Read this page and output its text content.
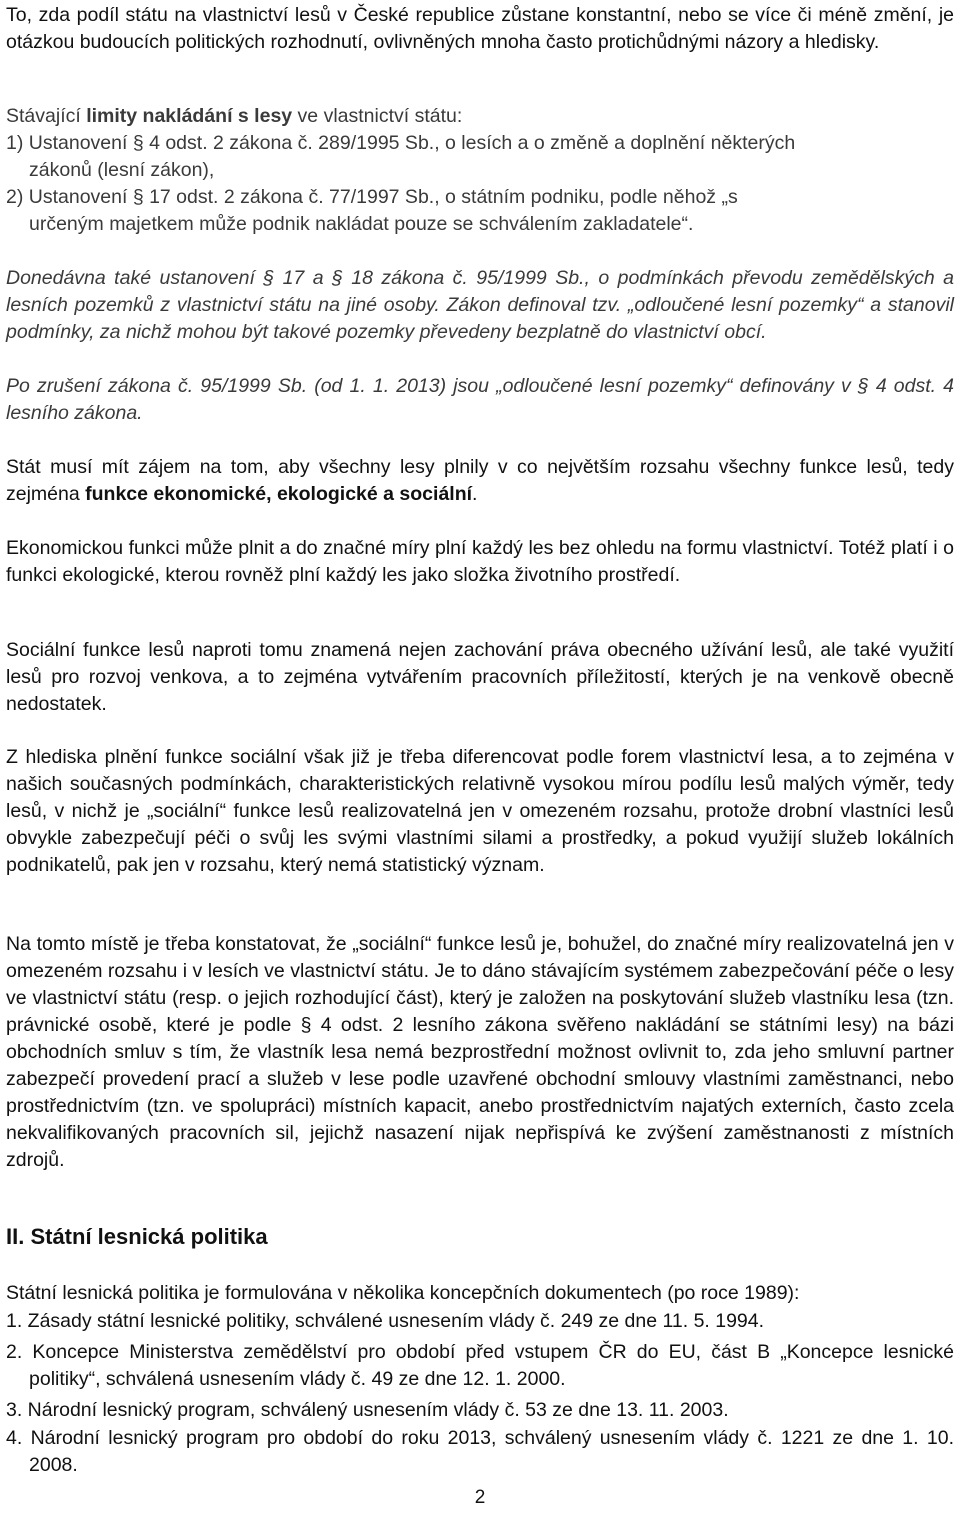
To, zda podíl státu na vlastnictví lesů v České republice zůstane konstantní, nebo se více či méně změní, je otázkou budoucích politických rozhodnutí, ovlivněných mnoha často protichůdnými názory a hledisky.

Stávající limity nakládání s lesy ve vlastnictví státu:

1) Ustanovení § 4 odst. 2 zákona č. 289/1995 Sb., o lesích a o změně a doplnění některých

zákonů (lesní zákon),

2) Ustanovení § 17 odst. 2 zákona č. 77/1997 Sb., o státním podniku, podle něhož „s

určeným majetkem může podnik nakládat pouze se schválením zakladatele“.

Donedávna také ustanovení § 17 a § 18 zákona č. 95/1999 Sb., o podmínkách převodu zemědělských a lesních pozemků z vlastnictví státu na jiné osoby. Zákon definoval tzv. „odloučené lesní pozemky“ a stanovil podmínky, za nichž mohou být takové pozemky převedeny bezplatně do vlastnictví obcí.

Po zrušení zákona č. 95/1999 Sb. (od 1. 1. 2013) jsou „odloučené lesní pozemky“ definovány v § 4 odst. 4 lesního zákona.

Stát musí mít zájem na tom, aby všechny lesy plnily v co největším rozsahu všechny funkce lesů, tedy zejména funkce ekonomické, ekologické a sociální.

Ekonomickou funkci může plnit a do značné míry plní každý les bez ohledu na formu vlastnictví. Totéž platí i o funkci ekologické, kterou rovněž plní každý les jako složka životního prostředí.

Sociální funkce lesů naproti tomu znamená nejen zachování práva obecného užívání lesů, ale také využití lesů pro rozvoj venkova, a to zejména vytvářením pracovních příležitostí, kterých je na venkově obecně nedostatek.

Z hlediska plnění funkce sociální však již je třeba diferencovat podle forem vlastnictví lesa, a to zejména v našich současných podmínkách, charakteristických relativně vysokou mírou podílu lesů malých výměr, tedy lesů, v nichž je „sociální“ funkce lesů realizovatelná jen v omezeném rozsahu, protože drobní vlastníci lesů obvykle zabezpečují péči o svůj les svými vlastními silami a prostředky, a pokud využijí služeb lokálních podnikatelů, pak jen v rozsahu, který nemá statistický význam.

Na tomto místě je třeba konstatovat, že „sociální“ funkce lesů je, bohužel, do značné míry realizovatelná jen v omezeném rozsahu i v lesích ve vlastnictví státu. Je to dáno stávajícím systémem zabezpečování péče o lesy ve vlastnictví státu (resp. o jejich rozhodující část), který je založen na poskytování služeb vlastníku lesa (tzn. právnické osobě, které je podle § 4 odst. 2 lesního zákona svěřeno nakládání se státními lesy) na bázi obchodních smluv s tím, že vlastník lesa nemá bezprostřední možnost ovlivnit to, zda jeho smluvní partner zabezpečí provedení prací a služeb v lese podle uzavřené obchodní smlouvy vlastními zaměstnanci, nebo prostřednictvím (tzn. ve spolupráci) místních kapacit, anebo prostřednictvím najatých externích, často zcela nekvalifikovaných pracovních sil, jejichž nasazení nijak nepřispívá ke zvýšení zaměstnanosti z místních zdrojů.

II. Státní lesnická politika

Státní lesnická politika je formulována v několika koncepčních dokumentech (po roce 1989):

1. Zásady státní lesnické politiky, schválené usnesením vlády č. 249 ze dne 11. 5. 1994.

2. Koncepce Ministerstva zemědělství pro období před vstupem ČR do EU, část B „Koncepce lesnické politiky“, schválená usnesením vlády č. 49 ze dne 12. 1. 2000.

3. Národní lesnický program, schválený usnesením vlády č. 53 ze dne 13. 11. 2003.

4. Národní lesnický program pro období do roku 2013, schválený usnesením vlády č. 1221 ze dne 1. 10. 2008.

2
